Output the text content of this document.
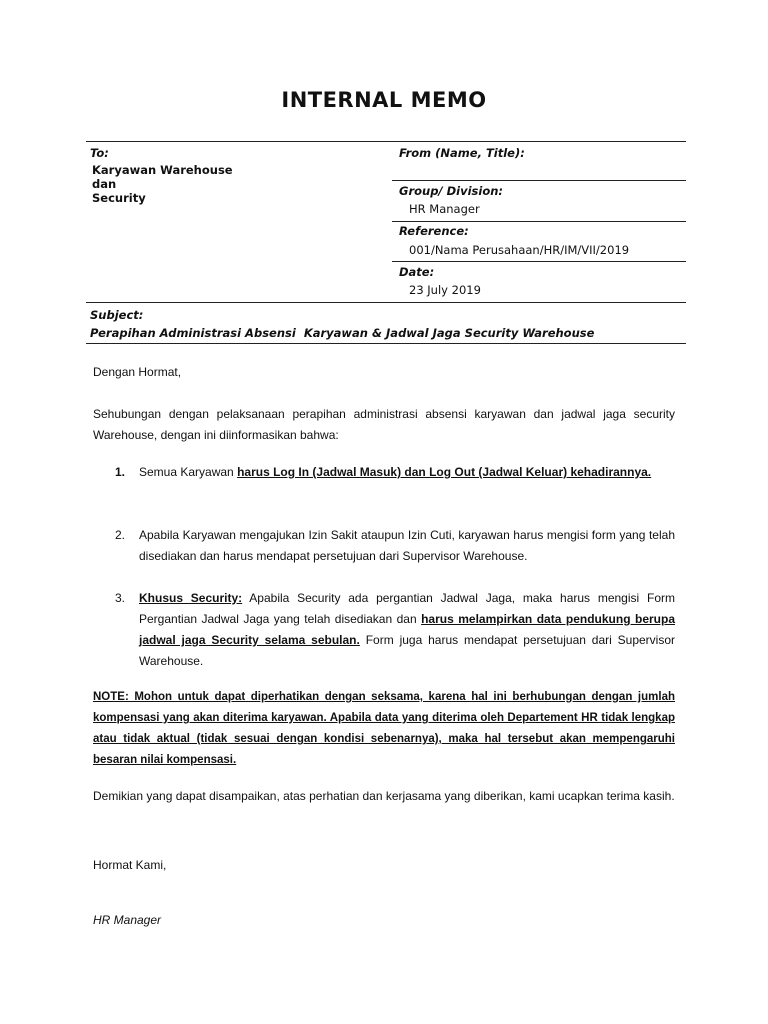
INTERNAL MEMO
To:
Karyawan Warehouse
dan
Security
From (Name, Title):
Group/ Division:
HR Manager
Reference:
001/Nama Perusahaan/HR/IM/VII/2019
Date:
23 July 2019
Subject:
Perapihan Administrasi Absensi  Karyawan & Jadwal Jaga Security Warehouse
Dengan Hormat,
Sehubungan dengan pelaksanaan perapihan administrasi absensi karyawan dan jadwal jaga security Warehouse, dengan ini diinformasikan bahwa:
1. Semua Karyawan harus Log In (Jadwal Masuk) dan Log Out (Jadwal Keluar) kehadirannya.
2. Apabila Karyawan mengajukan Izin Sakit ataupun Izin Cuti, karyawan harus mengisi form yang telah disediakan dan harus mendapat persetujuan dari Supervisor Warehouse.
3. Khusus Security: Apabila Security ada pergantian Jadwal Jaga, maka harus mengisi Form Pergantian Jadwal Jaga yang telah disediakan dan harus melampirkan data pendukung berupa jadwal jaga Security selama sebulan. Form juga harus mendapat persetujuan dari Supervisor Warehouse.
NOTE: Mohon untuk dapat diperhatikan dengan seksama, karena hal ini berhubungan dengan jumlah kompensasi yang akan diterima karyawan. Apabila data yang diterima oleh Departement HR tidak lengkap atau tidak aktual (tidak sesuai dengan kondisi sebenarnya), maka hal tersebut akan mempengaruhi besaran nilai kompensasi.
Demikian yang dapat disampaikan, atas perhatian dan kerjasama yang diberikan, kami ucapkan terima kasih.
Hormat Kami,
HR Manager
